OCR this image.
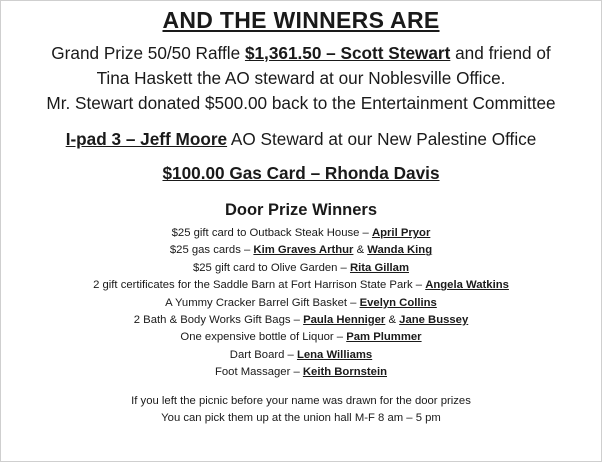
AND THE WINNERS ARE
Grand Prize 50/50 Raffle $1,361.50 – Scott Stewart and friend of
Tina Haskett the AO steward at our Noblesville Office.
Mr. Stewart donated $500.00 back to the Entertainment Committee
I-pad 3 – Jeff Moore AO Steward at our New Palestine Office
$100.00 Gas Card – Rhonda Davis
Door Prize Winners
$25 gift card to Outback Steak House – April Pryor
$25 gas cards – Kim Graves Arthur & Wanda King
$25 gift card to Olive Garden – Rita Gillam
2 gift certificates for the Saddle Barn at Fort Harrison State Park – Angela Watkins
A Yummy Cracker Barrel Gift Basket – Evelyn Collins
2 Bath & Body Works Gift Bags – Paula Henniger & Jane Bussey
One expensive bottle of Liquor – Pam Plummer
Dart Board – Lena Williams
Foot Massager – Keith Bornstein
If you left the picnic before your name was drawn for the door prizes
You can pick them up at the union hall M-F 8 am – 5 pm
